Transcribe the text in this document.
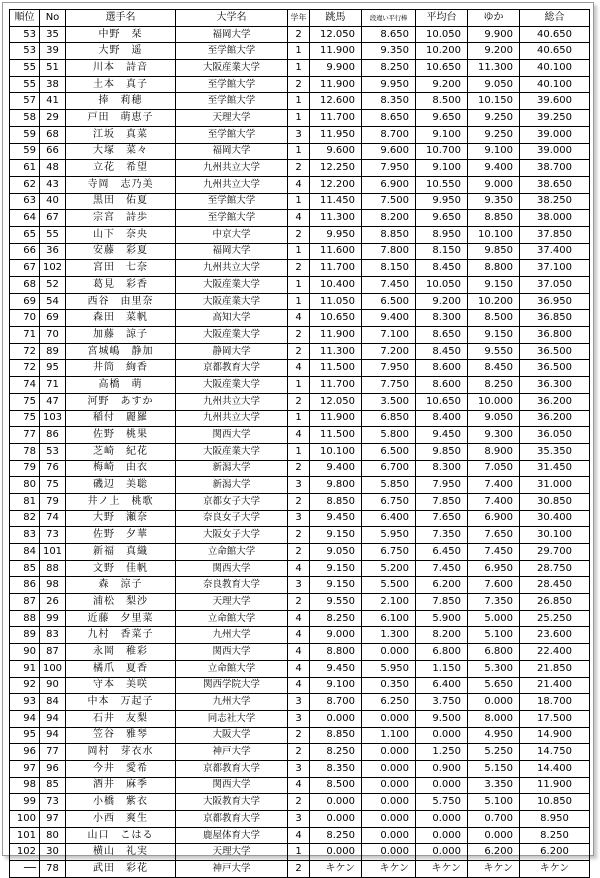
順位	No	選手名	大学名	学年	跳馬	段違い平行棒	平均台	ゆか	総合
53	35	中野　栞	福岡大学	2	12.050	8.650	10.050	9.900	40.650
53	39	大野　遥	至学館大学	1	11.900	9.350	10.200	9.200	40.650
55	51	川本　詩音	大阪産業大学	1	9.900	8.250	10.650	11.300	40.100
55	38	土本　真子	至学館大学	2	11.900	9.950	9.200	9.050	40.100
57	41	捧　莉穂	至学館大学	1	12.600	8.350	8.500	10.150	39.600
58	29	戸田　萌恵子	天理大学	1	11.700	8.650	9.650	9.250	39.250
59	68	江坂　真菜	至学館大学	3	11.950	8.700	9.100	9.250	39.000
59	66	大塚　菜々	福岡大学	1	9.600	9.600	10.700	9.100	39.000
61	48	立花　希望	九州共立大学	2	12.250	7.950	9.100	9.400	38.700
62	43	寺岡　志乃美	九州共立大学	4	12.200	6.900	10.550	9.000	38.650
63	40	黒田　佑夏	至学館大学	1	11.450	7.500	9.950	9.350	38.250
64	67	宗宮　詩歩	至学館大学	4	11.300	8.200	9.650	8.850	38.000
65	55	山下　奈央	中京大学	2	9.950	8.850	8.950	10.100	37.850
66	36	安藤　彩夏	福岡大学	1	11.600	7.800	8.150	9.850	37.400
67	102	宮田　七奈	九州共立大学	2	11.700	8.150	8.450	8.800	37.100
68	52	葛見　彩香	大阪産業大学	1	10.400	7.450	10.050	9.150	37.050
69	54	西谷　由里奈	大阪産業大学	1	11.050	6.500	9.200	10.200	36.950
70	69	森田　菜帆	高知大学	4	10.650	9.400	8.300	8.500	36.850
71	70	加藤　諒子	大阪産業大学	2	11.900	7.100	8.650	9.150	36.800
72	89	宮城嶋　静加	静岡大学	2	11.300	7.200	8.450	9.550	36.500
72	95	井筒　絢香	京都教育大学	4	11.500	7.950	8.600	8.450	36.500
74	71	高橋　萌	大阪産業大学	1	11.700	7.750	8.600	8.250	36.300
75	47	河野　あすか	九州共立大学	2	12.050	3.500	10.650	10.000	36.200
75	103	稲付　麗羅	九州共立大学	1	11.900	6.850	8.400	9.050	36.200
77	86	佐野　桃果	関西大学	4	11.500	5.800	9.450	9.300	36.050
78	53	芝崎　紀花	大阪産業大学	1	10.100	6.500	9.850	8.900	35.350
79	76	梅崎　由衣	新潟大学	2	9.400	6.700	8.300	7.050	31.450
80	75	磯辺　美聡	新潟大学	3	9.800	5.850	7.950	7.400	31.000
81	79	井ノ上　桃歌	京都女子大学	2	8.850	6.750	7.850	7.400	30.850
82	74	大野　瀬奈	奈良女子大学	3	9.450	6.400	7.650	6.900	30.400
83	73	佐野　夕華	大阪女子大学	2	9.150	5.950	7.350	7.650	30.100
84	101	新福　真織	立命館大学	2	9.050	6.750	6.450	7.450	29.700
85	88	文野　佳帆	関西大学	4	9.150	5.200	7.450	6.950	28.750
86	98	森　涼子	奈良教育大学	3	9.150	5.500	6.200	7.600	28.450
87	26	浦松　梨沙	天理大学	2	9.550	2.100	7.850	7.350	26.850
88	99	近藤　夕里菜	立命館大学	4	8.250	6.100	5.900	5.000	25.250
89	83	九村　香菜子	九州大学	4	9.000	1.300	8.200	5.100	23.600
90	87	永岡　稚彩	関西大学	4	8.800	0.000	6.800	6.800	22.400
91	100	橘爪　夏香	立命館大学	4	9.450	5.950	1.150	5.300	21.850
92	90	守本　美咲	関西学院大学	4	9.100	0.350	6.400	5.650	21.400
93	84	中本　万起子	九州大学	3	8.700	6.250	3.750	0.000	18.700
94	94	石井　友梨	同志社大学	3	0.000	0.000	9.500	8.000	17.500
95	94	笠谷　雅琴	大阪大学	2	8.850	1.100	0.000	4.950	14.900
96	77	岡村　芽衣水	神戸大学	2	8.250	0.000	1.250	5.250	14.750
97	96	今井　愛希	京都教育大学	3	8.350	0.000	0.900	5.150	14.400
98	85	酒井　麻季	関西大学	4	8.500	0.000	0.000	3.350	11.900
99	73	小橋　紫衣	大阪教育大学	2	0.000	0.000	5.750	5.100	10.850
100	97	小西　爽生	京都教育大学	3	0.000	0.000	0.000	0.700	8.950
101	80	山口　こはる	鹿屋体育大学	4	8.250	0.000	0.000	0.000	8.250
102	30	横山　礼実	天理大学	1	0.000	0.000	0.000	6.200	6.200
──	78	武田　彩花	神戸大学	2	キケン	キケン	キケン	キケン	キケン
